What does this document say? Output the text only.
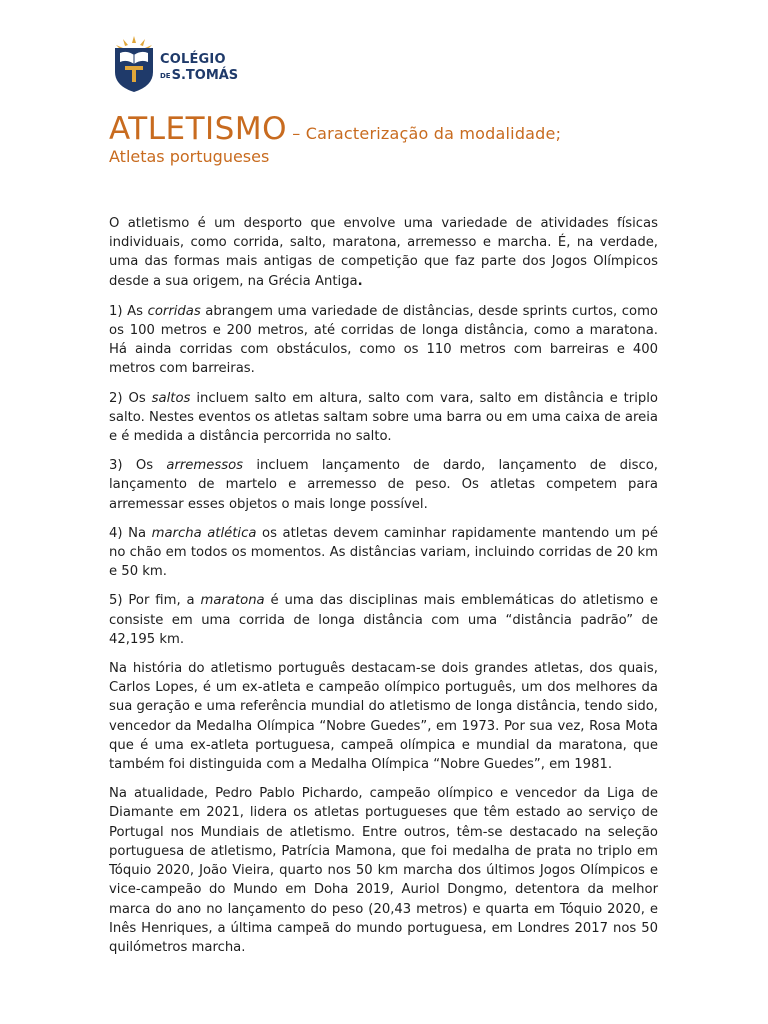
COLÉGIO
DES.TOMÁS
ATLETISMO – Caracterização da modalidade;
Atletas portugueses

O atletismo é um desporto que envolve uma variedade de atividades físicas individuais, como corrida, salto, maratona, arremesso e marcha. É, na verdade, uma das formas mais antigas de competição que faz parte dos Jogos Olímpicos desde a sua origem, na Grécia Antiga.

1) As corridas abrangem uma variedade de distâncias, desde sprints curtos, como os 100 metros e 200 metros, até corridas de longa distância, como a maratona. Há ainda corridas com obstáculos, como os 110 metros com barreiras e 400 metros com barreiras.

2) Os saltos incluem salto em altura, salto com vara, salto em distância e triplo salto. Nestes eventos os atletas saltam sobre uma barra ou em uma caixa de areia e é medida a distância percorrida no salto.

3) Os arremessos incluem lançamento de dardo, lançamento de disco, lançamento de martelo e arremesso de peso. Os atletas competem para arremessar esses objetos o mais longe possível.

4) Na marcha atlética os atletas devem caminhar rapidamente mantendo um pé no chão em todos os momentos. As distâncias variam, incluindo corridas de 20 km e 50 km.

5) Por fim, a maratona é uma das disciplinas mais emblemáticas do atletismo e consiste em uma corrida de longa distância com uma “distância padrão” de 42,195 km.

Na história do atletismo português destacam-se dois grandes atletas, dos quais, Carlos Lopes, é um ex-atleta e campeão olímpico português, um dos melhores da sua geração e uma referência mundial do atletismo de longa distância, tendo sido, vencedor da Medalha Olímpica “Nobre Guedes”, em 1973. Por sua vez, Rosa Mota que é uma ex-atleta portuguesa, campeã olímpica e mundial da maratona, que também foi distinguida com a Medalha Olímpica “Nobre Guedes”, em 1981.

Na atualidade, Pedro Pablo Pichardo, campeão olímpico e vencedor da Liga de Diamante em 2021, lidera os atletas portugueses que têm estado ao serviço de Portugal nos Mundiais de atletismo. Entre outros, têm-se destacado na seleção portuguesa de atletismo, Patrícia Mamona, que foi medalha de prata no triplo em Tóquio 2020, João Vieira, quarto nos 50 km marcha dos últimos Jogos Olímpicos e vice-campeão do Mundo em Doha 2019, Auriol Dongmo, detentora da melhor marca do ano no lançamento do peso (20,43 metros) e quarta em Tóquio 2020, e Inês Henriques, a última campeã do mundo portuguesa, em Londres 2017 nos 50 quilómetros marcha.
